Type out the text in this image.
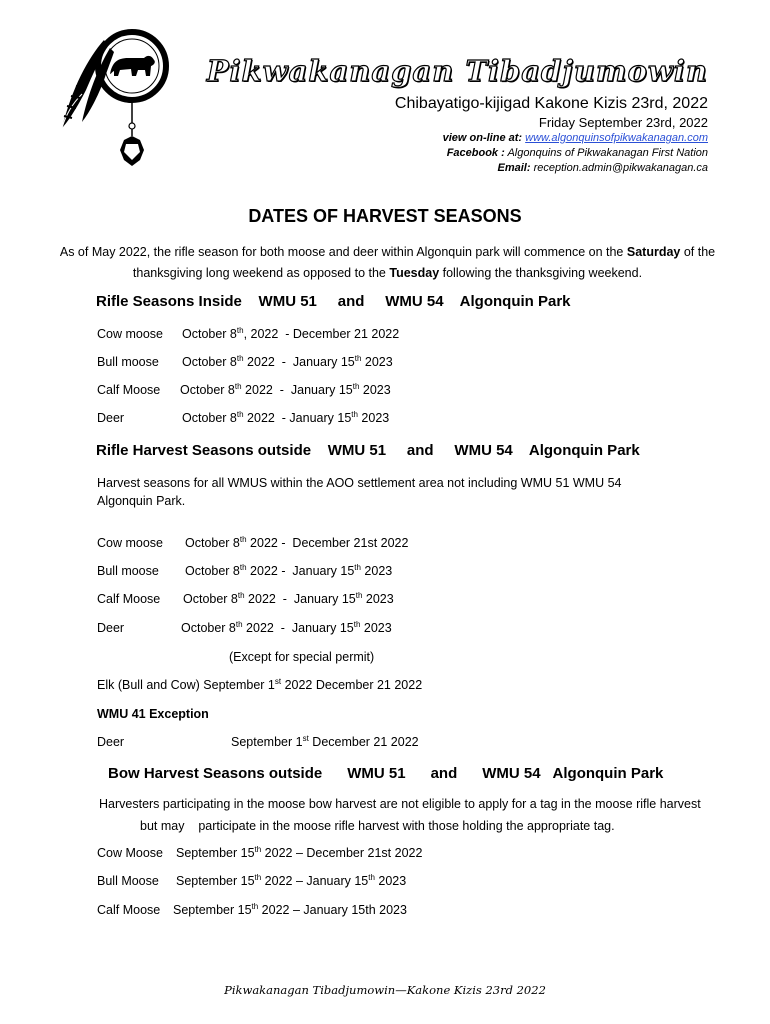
Pikwakanagan Tibadjumowin
Chibayatigo-kijigad Kakone Kizis 23rd, 2022
Friday September 23rd, 2022
view on-line at: www.algonquinsofpikwakanagan.com
Facebook : Algonquins of Pikwakanagan First Nation
Email: reception.admin@pikwakanagan.ca
DATES OF HARVEST SEASONS
As of May 2022, the rifle season for both moose and deer within Algonquin park will commence on the Saturday of the thanksgiving long weekend as opposed to the Tuesday following the thanksgiving weekend.
Rifle Seasons Inside    WMU 51     and     WMU 54    Algonquin Park
Cow moose October 8th, 2022  - December 21 2022
Bull moose October 8th 2022  -  January 15th 2023
Calf Moose October 8th 2022  -  January 15th 2023
Deer	October 8th 2022  - January 15th 2023
Rifle Harvest Seasons outside    WMU 51     and     WMU 54    Algonquin Park
Harvest seasons for all WMUS within the AOO settlement area not including WMU 51 WMU 54 Algonquin Park.
Cow moose October 8th 2022 -  December 21st 2022
Bull moose October 8th 2022 -  January 15th 2023
Calf Moose October 8th 2022  -  January 15th 2023
Deer	October 8th 2022  -  January 15th 2023
(Except for special permit)
Elk (Bull and Cow) September 1st 2022 December 21 2022
WMU 41 Exception
Deer	September 1st December 21 2022
Bow Harvest Seasons outside      WMU 51      and      WMU 54   Algonquin Park
Harvesters participating in the moose bow harvest are not eligible to apply for a tag in the moose rifle harvest
but may    participate in the moose rifle harvest with those holding the appropriate tag.
Cow Moose September 15th 2022 – December 21st 2022
Bull Moose September 15th 2022 – January 15th 2023
Calf Moose September 15th 2022 – January 15th 2023
Pikwakanagan Tibadjumowin—Kakone Kizis 23rd 2022
